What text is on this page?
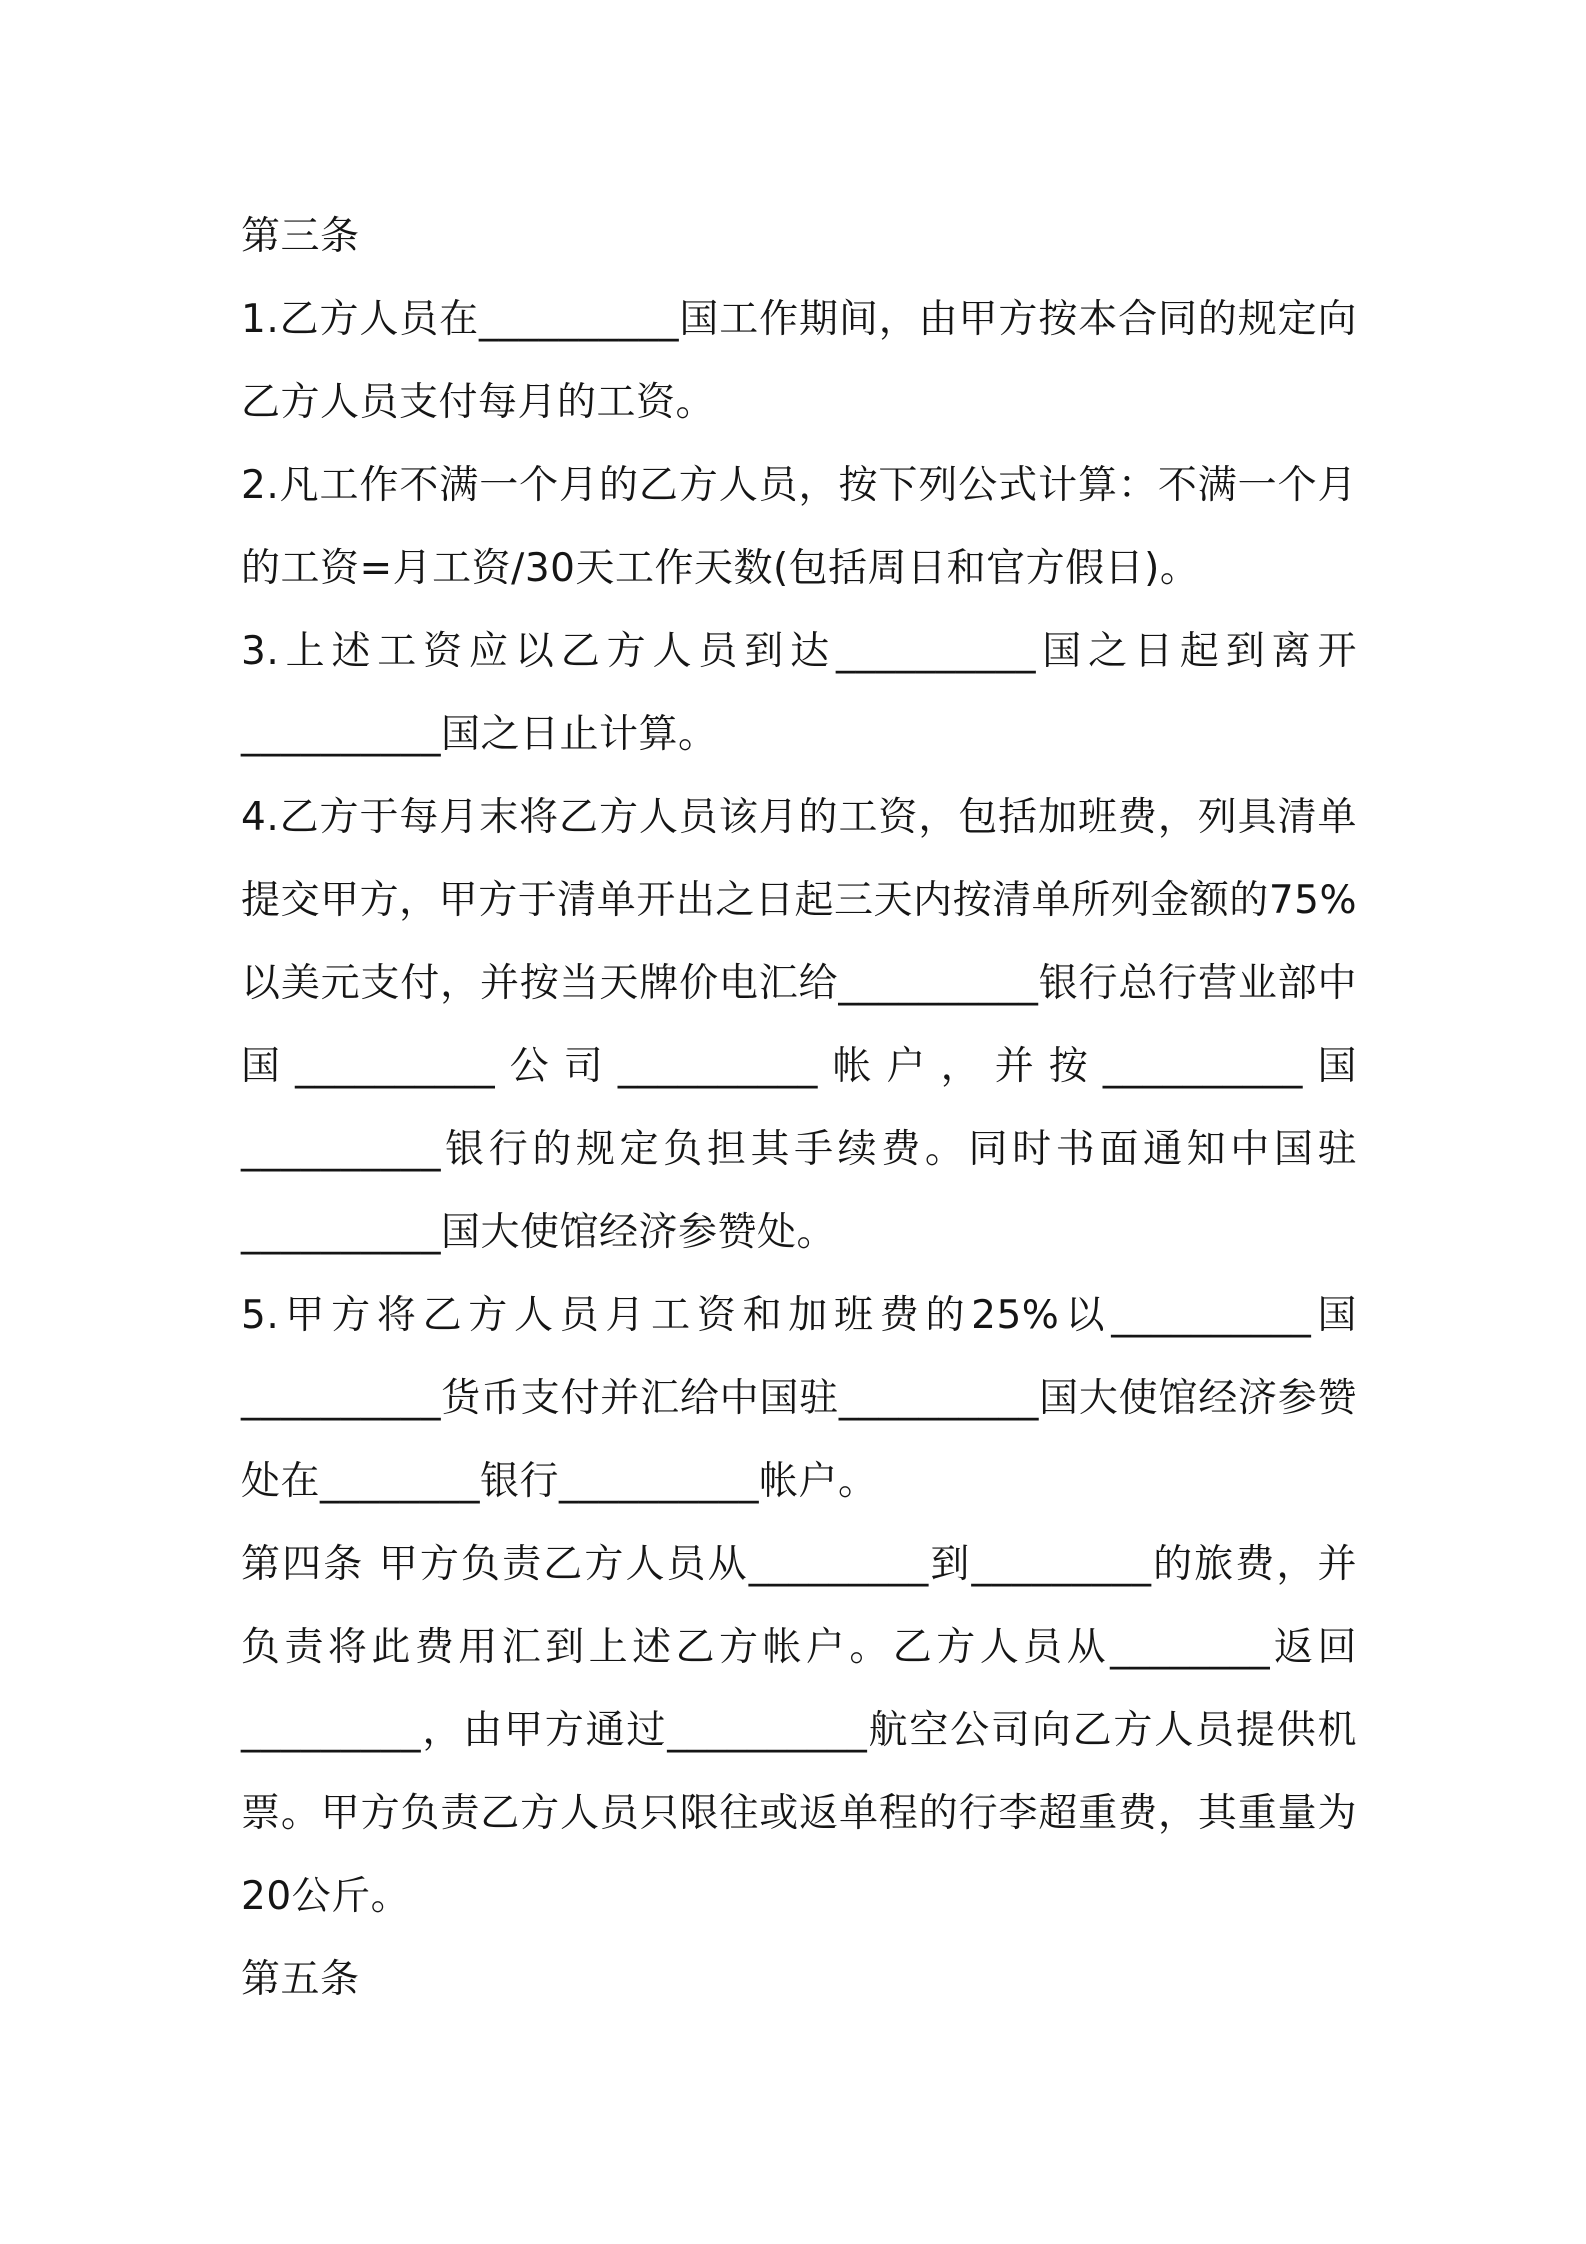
第三条

1.乙方人员在__________国工作期间，由甲方按本合同的规定向乙方人员支付每月的工资。

2.凡工作不满一个月的乙方人员，按下列公式计算：不满一个月的工资=月工资/30天工作天数(包括周日和官方假日)。

3.上述工资应以乙方人员到达__________国之日起到离开__________国之日止计算。

4.乙方于每月末将乙方人员该月的工资，包括加班费，列具清单提交甲方，甲方于清单开出之日起三天内按清单所列金额的75%以美元支付，并按当天牌价电汇给__________银行总行营业部中国__________公司__________帐户，并按__________国__________银行的规定负担其手续费。同时书面通知中国驻__________国大使馆经济参赞处。

5.甲方将乙方人员月工资和加班费的25%以__________国__________货币支付并汇给中国驻__________国大使馆经济参赞处在________银行__________帐户。

第四条 甲方负责乙方人员从_________到_________的旅费，并负责将此费用汇到上述乙方帐户。乙方人员从________返回_________，由甲方通过__________航空公司向乙方人员提供机票。甲方负责乙方人员只限往或返单程的行李超重费，其重量为20公斤。

第五条
